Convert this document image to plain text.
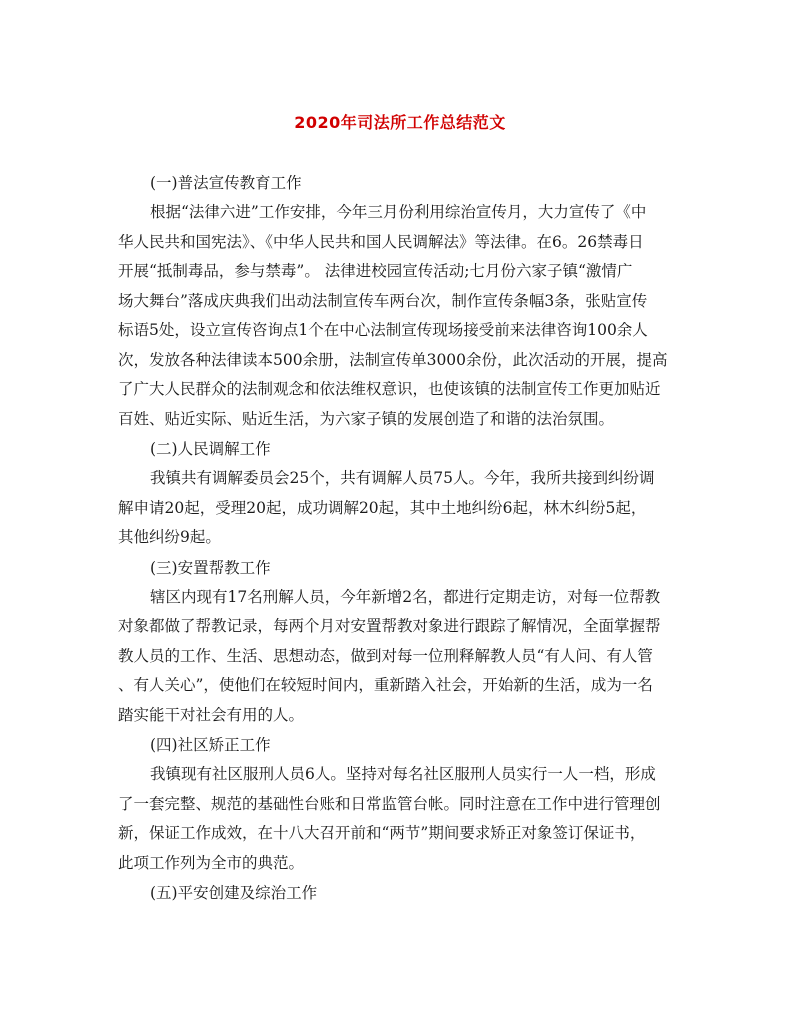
2020年司法所工作总结范文
(一)普法宣传教育工作
根据“法律六进”工作安排，今年三月份利用综治宣传月，大力宣传了《中
华人民共和国宪法》、《中华人民共和国人民调解法》等法律。在6。26禁毒日
开展“抵制毒品，参与禁毒”。 法律进校园宣传活动;七月份六家子镇“激情广
场大舞台”落成庆典我们出动法制宣传车两台次，制作宣传条幅3条，张贴宣传
标语5处，设立宣传咨询点1个在中心法制宣传现场接受前来法律咨询100余人
次，发放各种法律读本500余册，法制宣传单3000余份，此次活动的开展，提高
了广大人民群众的法制观念和依法维权意识，也使该镇的法制宣传工作更加贴近
百姓、贴近实际、贴近生活，为六家子镇的发展创造了和谐的法治氛围。
(二)人民调解工作
我镇共有调解委员会25个，共有调解人员75人。今年，我所共接到纠纷调
解申请20起，受理20起，成功调解20起，其中土地纠纷6起，林木纠纷5起，
其他纠纷9起。
(三)安置帮教工作
辖区内现有17名刑解人员，今年新增2名，都进行定期走访，对每一位帮教
对象都做了帮教记录，每两个月对安置帮教对象进行跟踪了解情况，全面掌握帮
教人员的工作、生活、思想动态，做到对每一位刑释解教人员“有人问、有人管
、有人关心”，使他们在较短时间内，重新踏入社会，开始新的生活，成为一名
踏实能干对社会有用的人。
(四)社区矫正工作
我镇现有社区服刑人员6人。坚持对每名社区服刑人员实行一人一档，形成
了一套完整、规范的基础性台账和日常监管台帐。同时注意在工作中进行管理创
新，保证工作成效，在十八大召开前和“两节”期间要求矫正对象签订保证书，
此项工作列为全市的典范。
(五)平安创建及综治工作
